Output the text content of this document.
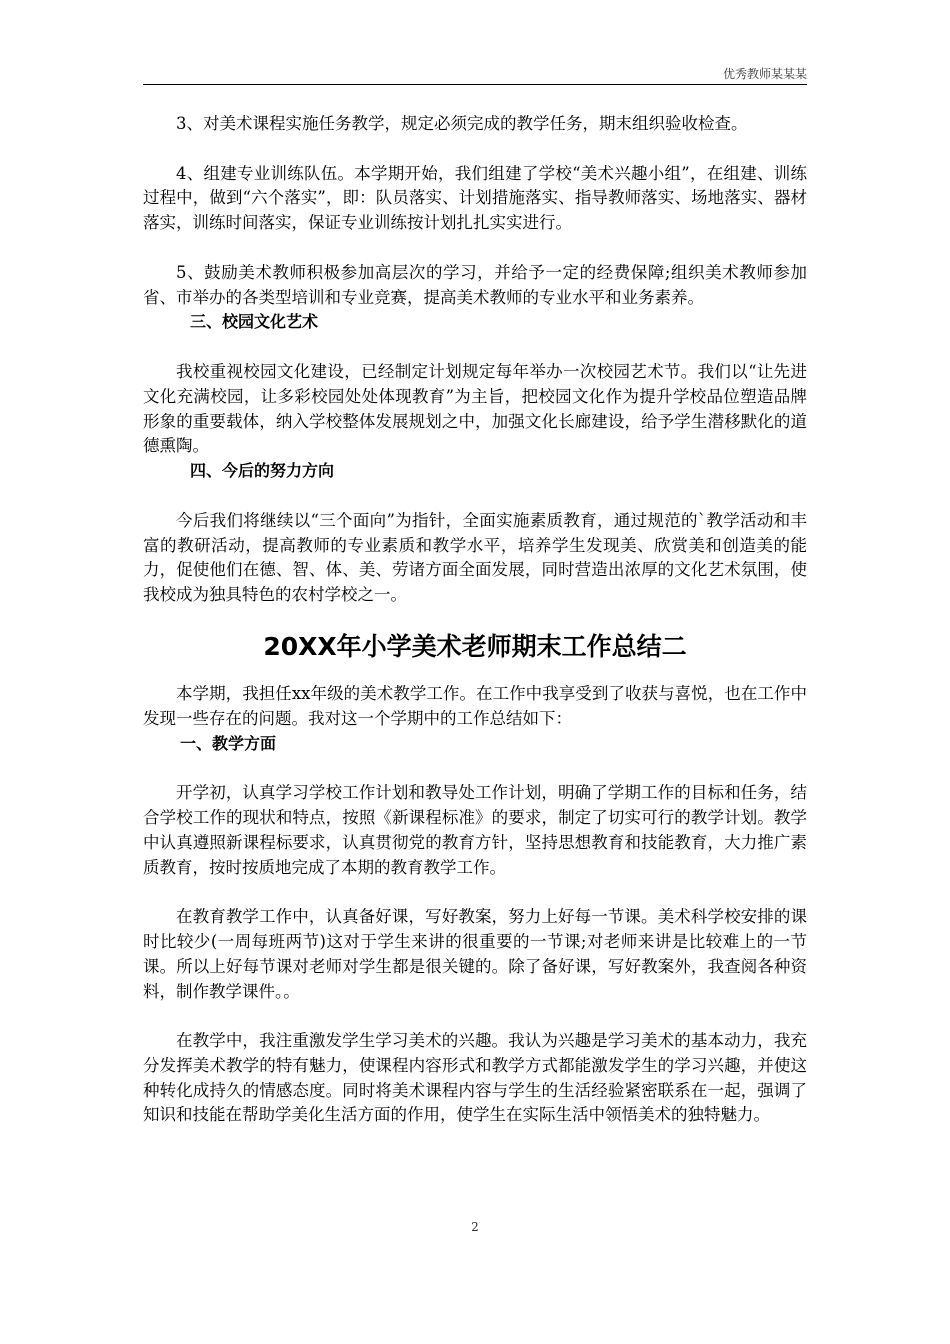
优秀教师某某某

3、对美术课程实施任务教学，规定必须完成的教学任务，期末组织验收检查。

4、组建专业训练队伍。本学期开始，我们组建了学校“美术兴趣小组”，在组建、训练过程中，做到“六个落实”，即：队员落实、计划措施落实、指导教师落实、场地落实、器材落实，训练时间落实，保证专业训练按计划扎扎实实进行。

5、鼓励美术教师积极参加高层次的学习，并给予一定的经费保障;组织美术教师参加省、市举办的各类型培训和专业竞赛，提高美术教师的专业水平和业务素养。

三、校园文化艺术

我校重视校园文化建设，已经制定计划规定每年举办一次校园艺术节。我们以“让先进文化充满校园，让多彩校园处处体现教育”为主旨，把校园文化作为提升学校品位塑造品牌形象的重要载体，纳入学校整体发展规划之中，加强文化长廊建设，给予学生潜移默化的道德熏陶。

四、今后的努力方向

今后我们将继续以“三个面向”为指针，全面实施素质教育，通过规范的`教学活动和丰富的教研活动，提高教师的专业素质和教学水平，培养学生发现美、欣赏美和创造美的能力，促使他们在德、智、体、美、劳诸方面全面发展，同时营造出浓厚的文化艺术氛围，使我校成为独具特色的农村学校之一。

20XX年小学美术老师期末工作总结二

本学期，我担任xx年级的美术教学工作。在工作中我享受到了收获与喜悦，也在工作中发现一些存在的问题。我对这一个学期中的工作总结如下：

一、教学方面

开学初，认真学习学校工作计划和教导处工作计划，明确了学期工作的目标和任务，结合学校工作的现状和特点，按照《新课程标准》的要求，制定了切实可行的教学计划。教学中认真遵照新课程标要求，认真贯彻党的教育方针，坚持思想教育和技能教育，大力推广素质教育，按时按质地完成了本期的教育教学工作。

在教育教学工作中，认真备好课，写好教案，努力上好每一节课。美术科学校安排的课时比较少(一周每班两节)这对于学生来讲的很重要的一节课;对老师来讲是比较难上的一节课。所以上好每节课对老师对学生都是很关键的。除了备好课，写好教案外，我查阅各种资料，制作教学课件。。

在教学中，我注重激发学生学习美术的兴趣。我认为兴趣是学习美术的基本动力，我充分发挥美术教学的特有魅力，使课程内容形式和教学方式都能激发学生的学习兴趣，并使这种转化成持久的情感态度。同时将美术课程内容与学生的生活经验紧密联系在一起，强调了知识和技能在帮助学美化生活方面的作用，使学生在实际生活中领悟美术的独特魅力。

2
